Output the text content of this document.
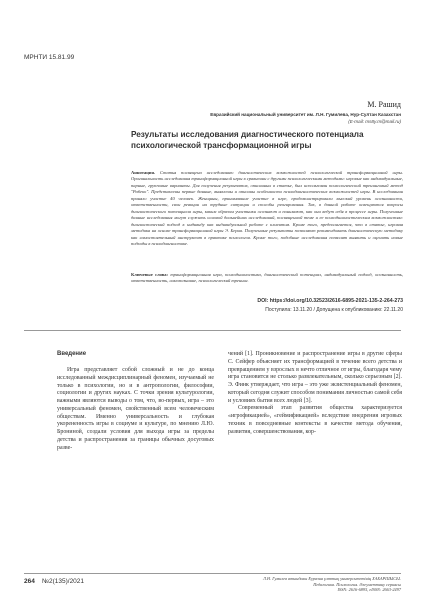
МРНТИ 15.81.99
М. Рашид
Евразийский национальный университет им. Л.Н. Гумилева, Нур-Султан Казахстан
(E-mail: ms8y.m@mail.ru)
Результаты исследования диагностического потенциала психологической трансформационной игры
Аннотация. Статья посвящена исследованию диагностических возможностей психологической трансформационной игры. Оригинальность исследования трансформационной игры в сравнении с другими психологическими методами: игровые как индивидуальные, парные, групповые варианты. Для получения результатов, описанных в статье, был использован психологический тренинговый метод "Рабеко". Представлены первые данные, выявлены и описаны особенности психодиагностических возможностей игры. В исследовании приняло участие 40 человек. Женщины, принимавшие участие в игре, продемонстрировали высокий уровень осознанности, ответственности, свои реакции на трудные ситуации и способы реагирования. Так, в данной работе освещаются вопросы диагностического потенциала игры, каким образом участники осознают и понимают, как они ведут себя в процессе игры. Полученные данные исследования могут служить основой дальнейших исследований, посвященной теме и ее психодиагностическим возможностям: диагностический подход к индивиду как индивидуальной работе с клиентом. Кроме того, предполагается, что в статье, игровая методика на основе трансформационной игры Э. Берна. Полученные результаты позволяют рекомендовать диагностическую методику как самостоятельный инструмент в практике психологов. Кроме того, подобные исследования позволят выявить и оценить новые подходы в психодиагностике.
Ключевые слова: трансформационная игра, психодиагностика, диагностический потенциал, индивидуальный подход, осознанность, ответственность, самопознание, психологический тренинг.
DOI: https://doi.org/10.32523/2616-6895-2021-135-2-264-273
Поступила: 13.11.20 / Допущена к опубликованию: 22.11.20
Введение
Игра представляет собой сложный и не до конца исследованный междисциплинарный феномен, изучаемый не только в психологии, но и в антропологии, философии, социологии и других науках. С точки зрения культурологии, важными являются выводы о том, что, во-первых, игра – это универсальный феномен, свойственный всем человеческим обществам. Именно универсальность и глубокая укорененность игры в социуме и культуре, по мнению Л.Ю. Брониной, создали условия для выхода игры за пределы детства и распространения за границы обычных досуговых разве-

чений [1]. Проникновение и распространение игры в другие сферы С. Сейфер объясняет их трансформацией в течение всего детства и превращением у взрослых в нечто отличное от игры, благодаря чему игра становится не столько развлекательным, сколько серьезным [2]. Э. Финк утверждает, что игра – это уже экзистенциальный феномен, который сегодня служит способом понимания личностью самой себя и условиях бытия всех людей [3].

Современный этап развития общества характеризуется «игрофикацией», «геймификацией» вследствие внедрения игровых техник в повседневные контексты в качестве метода обучения, развития, совершенствования, кор-

264 №2(135)/2021	Л.Н. Гумилев атындағы Еуразия ұлттық университетінің ХАБАРШЫСЫ.
Педагогика. Психология. Әлеуметтану сериясы
ISSN: 2616-6895, eISSN: 2663-2497
